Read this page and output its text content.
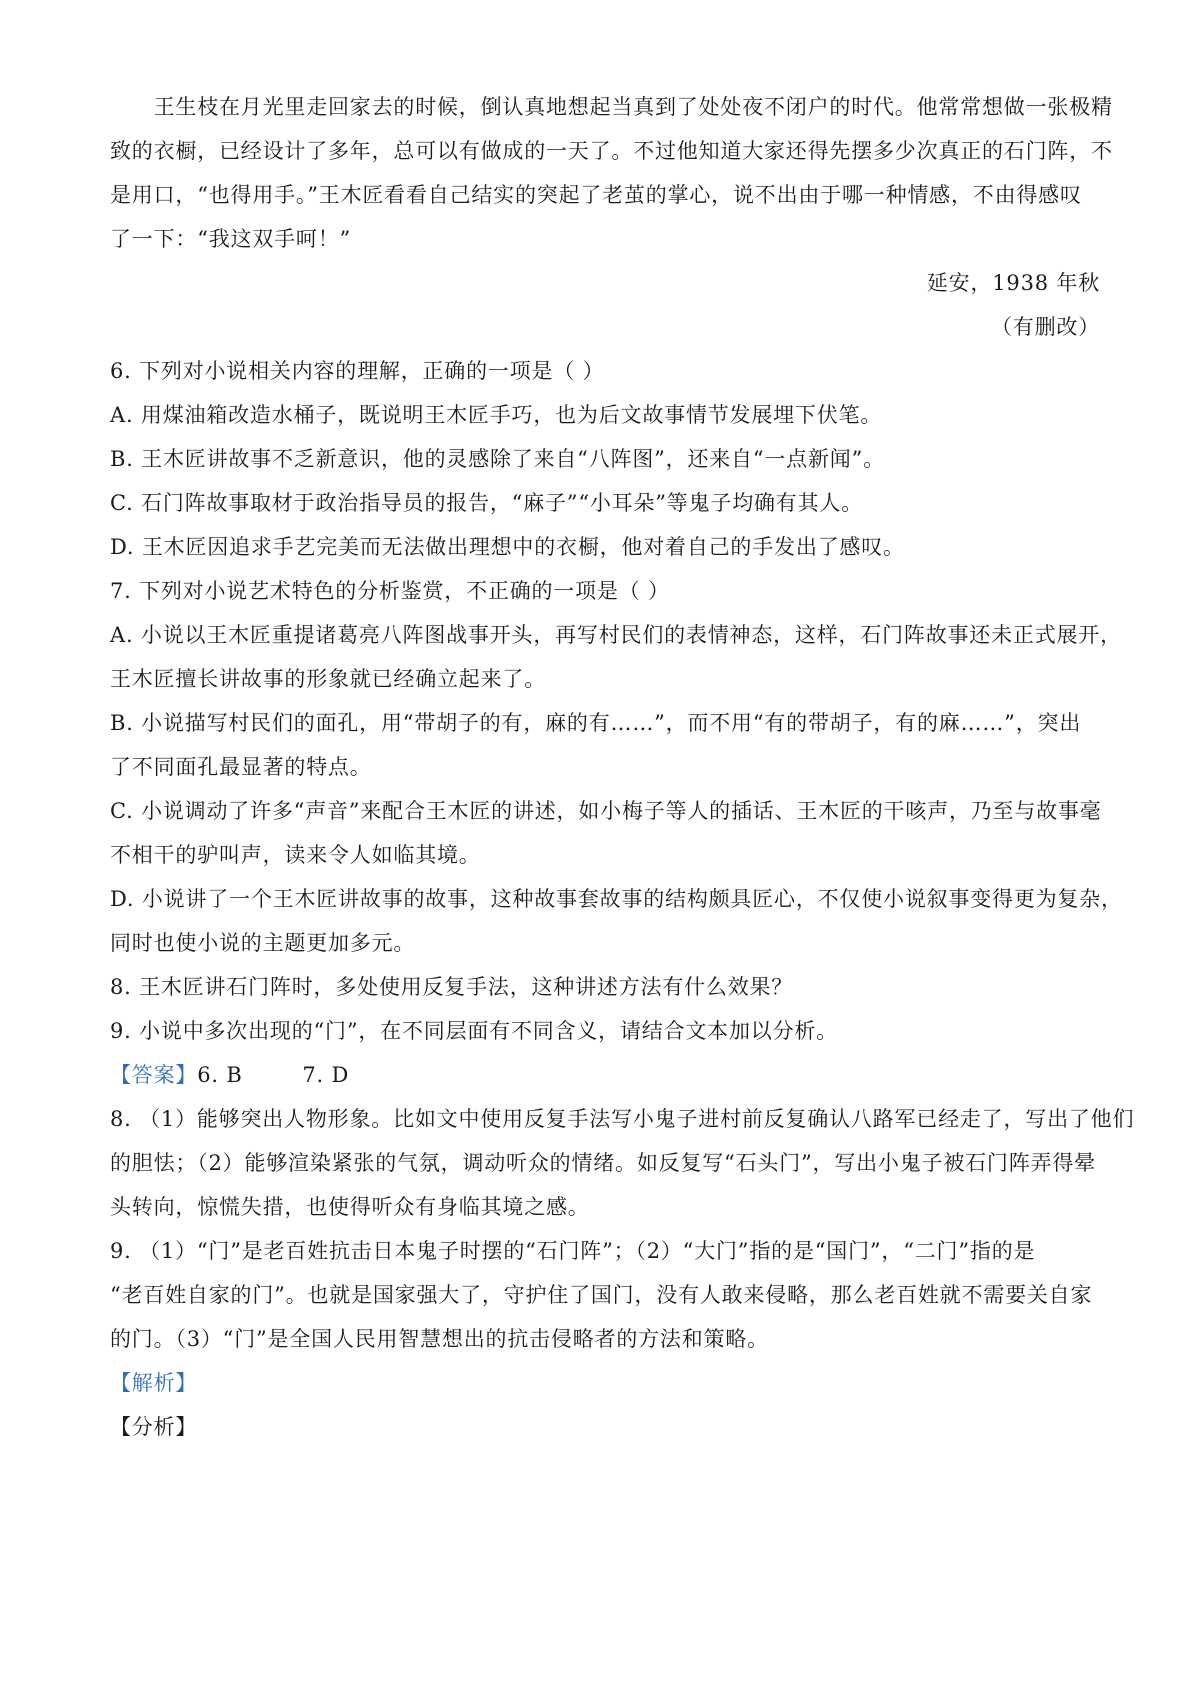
　　王生枝在月光里走回家去的时候，倒认真地想起当真到了处处夜不闭户的时代。他常常想做一张极精
致的衣橱，已经设计了多年，总可以有做成的一天了。不过他知道大家还得先摆多少次真正的石门阵，不
是用口，“也得用手。”王木匠看看自己结实的突起了老茧的掌心，说不出由于哪一种情感，不由得感叹
了一下：“我这双手呵！”
延安，1938 年秋
（有删改）
6. 下列对小说相关内容的理解，正确的一项是（ ）
A. 用煤油箱改造水桶子，既说明王木匠手巧，也为后文故事情节发展埋下伏笔。
B. 王木匠讲故事不乏新意识，他的灵感除了来自“八阵图”，还来自“一点新闻”。
C. 石门阵故事取材于政治指导员的报告，“麻子”“小耳朵”等鬼子均确有其人。
D. 王木匠因追求手艺完美而无法做出理想中的衣橱，他对着自己的手发出了感叹。
7. 下列对小说艺术特色的分析鉴赏，不正确的一项是（ ）
A. 小说以王木匠重提诸葛亮八阵图战事开头，再写村民们的表情神态，这样，石门阵故事还未正式展开，
王木匠擅长讲故事的形象就已经确立起来了。
B. 小说描写村民们的面孔，用“带胡子的有，麻的有……”，而不用“有的带胡子，有的麻……”，突出
了不同面孔最显著的特点。
C. 小说调动了许多“声音”来配合王木匠的讲述，如小梅子等人的插话、王木匠的干咳声，乃至与故事毫
不相干的驴叫声，读来令人如临其境。
D. 小说讲了一个王木匠讲故事的故事，这种故事套故事的结构颇具匠心，不仅使小说叙事变得更为复杂，
同时也使小说的主题更加多元。
8. 王木匠讲石门阵时，多处使用反复手法，这种讲述方法有什么效果？
9. 小说中多次出现的“门”，在不同层面有不同含义，请结合文本加以分析。
【答案】6. B        7. D
8. （1）能够突出人物形象。比如文中使用反复手法写小鬼子进村前反复确认八路军已经走了，写出了他们
的胆怯；（2）能够渲染紧张的气氛，调动听众的情绪。如反复写“石头门”，写出小鬼子被石门阵弄得晕
头转向，惊慌失措，也使得听众有身临其境之感。
9. （1）“门”是老百姓抗击日本鬼子时摆的“石门阵”；（2）“大门”指的是“国门”，“二门”指的是
“老百姓自家的门”。也就是国家强大了，守护住了国门，没有人敢来侵略，那么老百姓就不需要关自家
的门。（3）“门”是全国人民用智慧想出的抗击侵略者的方法和策略。
【解析】
【分析】
